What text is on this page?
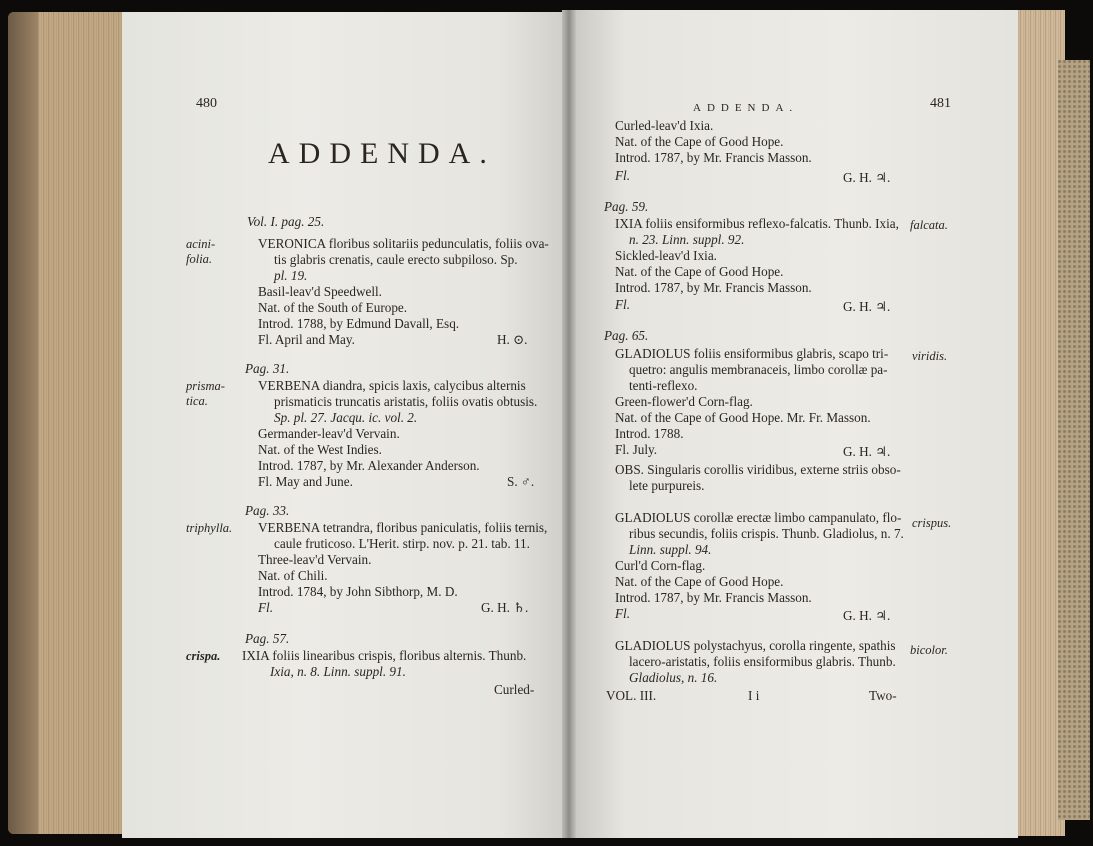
480
ADDENDA.
Vol. I. pag. 25.
acini-
folia.
VERONICA floribus solitariis pedunculatis, foliis ova-
tis glabris crenatis, caule erecto subpiloso. Sp.
pl. 19.
Basil-leav'd Speedwell.
Nat. of the South of Europe.
Introd. 1788, by Edmund Davall, Esq.
Fl. April and May.	H. ⊙.
Pag. 31.
prisma-
tica.
VERBENA diandra, spicis laxis, calycibus alternis
prismaticis truncatis aristatis, foliis ovatis obtusis.
Sp. pl. 27. Jacqu. ic. vol. 2.
Germander-leav'd Vervain.
Nat. of the West Indies.
Introd. 1787, by Mr. Alexander Anderson.
Fl. May and June.	S. ♂.
Pag. 33.
triphylla. VERBENA tetrandra, floribus paniculatis, foliis ternis,
caule fruticoso. L'Herit. stirp. nov. p. 21. tab. 11.
Three-leav'd Vervain.
Nat. of Chili.
Introd. 1784, by John Sibthorp, M. D.
Fl.	G. H. ♄.
Pag. 57.
crispa. IXIA foliis linearibus crispis, floribus alternis. Thunb.
Ixia, n. 8. Linn. suppl. 91.
Curled-
ADDENDA.	481
Curled-leav'd Ixia.
Nat. of the Cape of Good Hope.
Introd. 1787, by Mr. Francis Masson.
Fl.	G. H. ♃.
Pag. 59.
falcata.
IXIA foliis ensiformibus reflexo-falcatis. Thunb. Ixia,
n. 23. Linn. suppl. 92.
Sickled-leav'd Ixia.
Nat. of the Cape of Good Hope.
Introd. 1787, by Mr. Francis Masson.
Fl.	G. H. ♃.
Pag. 65.
viridis.
GLADIOLUS foliis ensiformibus glabris, scapo tri-
quetro: angulis membranaceis, limbo corollæ pa-
tenti-reflexo.
Green-flower'd Corn-flag.
Nat. of the Cape of Good Hope. Mr. Fr. Masson.
Introd. 1788.
Fl. July.	G. H. ♃.
OBS. Singularis corollis viridibus, externe striis obso-
lete purpureis.
crispus.
GLADIOLUS corollæ erectæ limbo campanulato, flo-
ribus secundis, foliis crispis. Thunb. Gladiolus, n. 7.
Linn. suppl. 94.
Curl'd Corn-flag.
Nat. of the Cape of Good Hope.
Introd. 1787, by Mr. Francis Masson.
Fl.	G. H. ♃.
bicolor.
GLADIOLUS polystachyus, corolla ringente, spathis
lacero-aristatis, foliis ensiformibus glabris. Thunb.
Gladiolus, n. 16.
VOL. III.	I i	Two-
